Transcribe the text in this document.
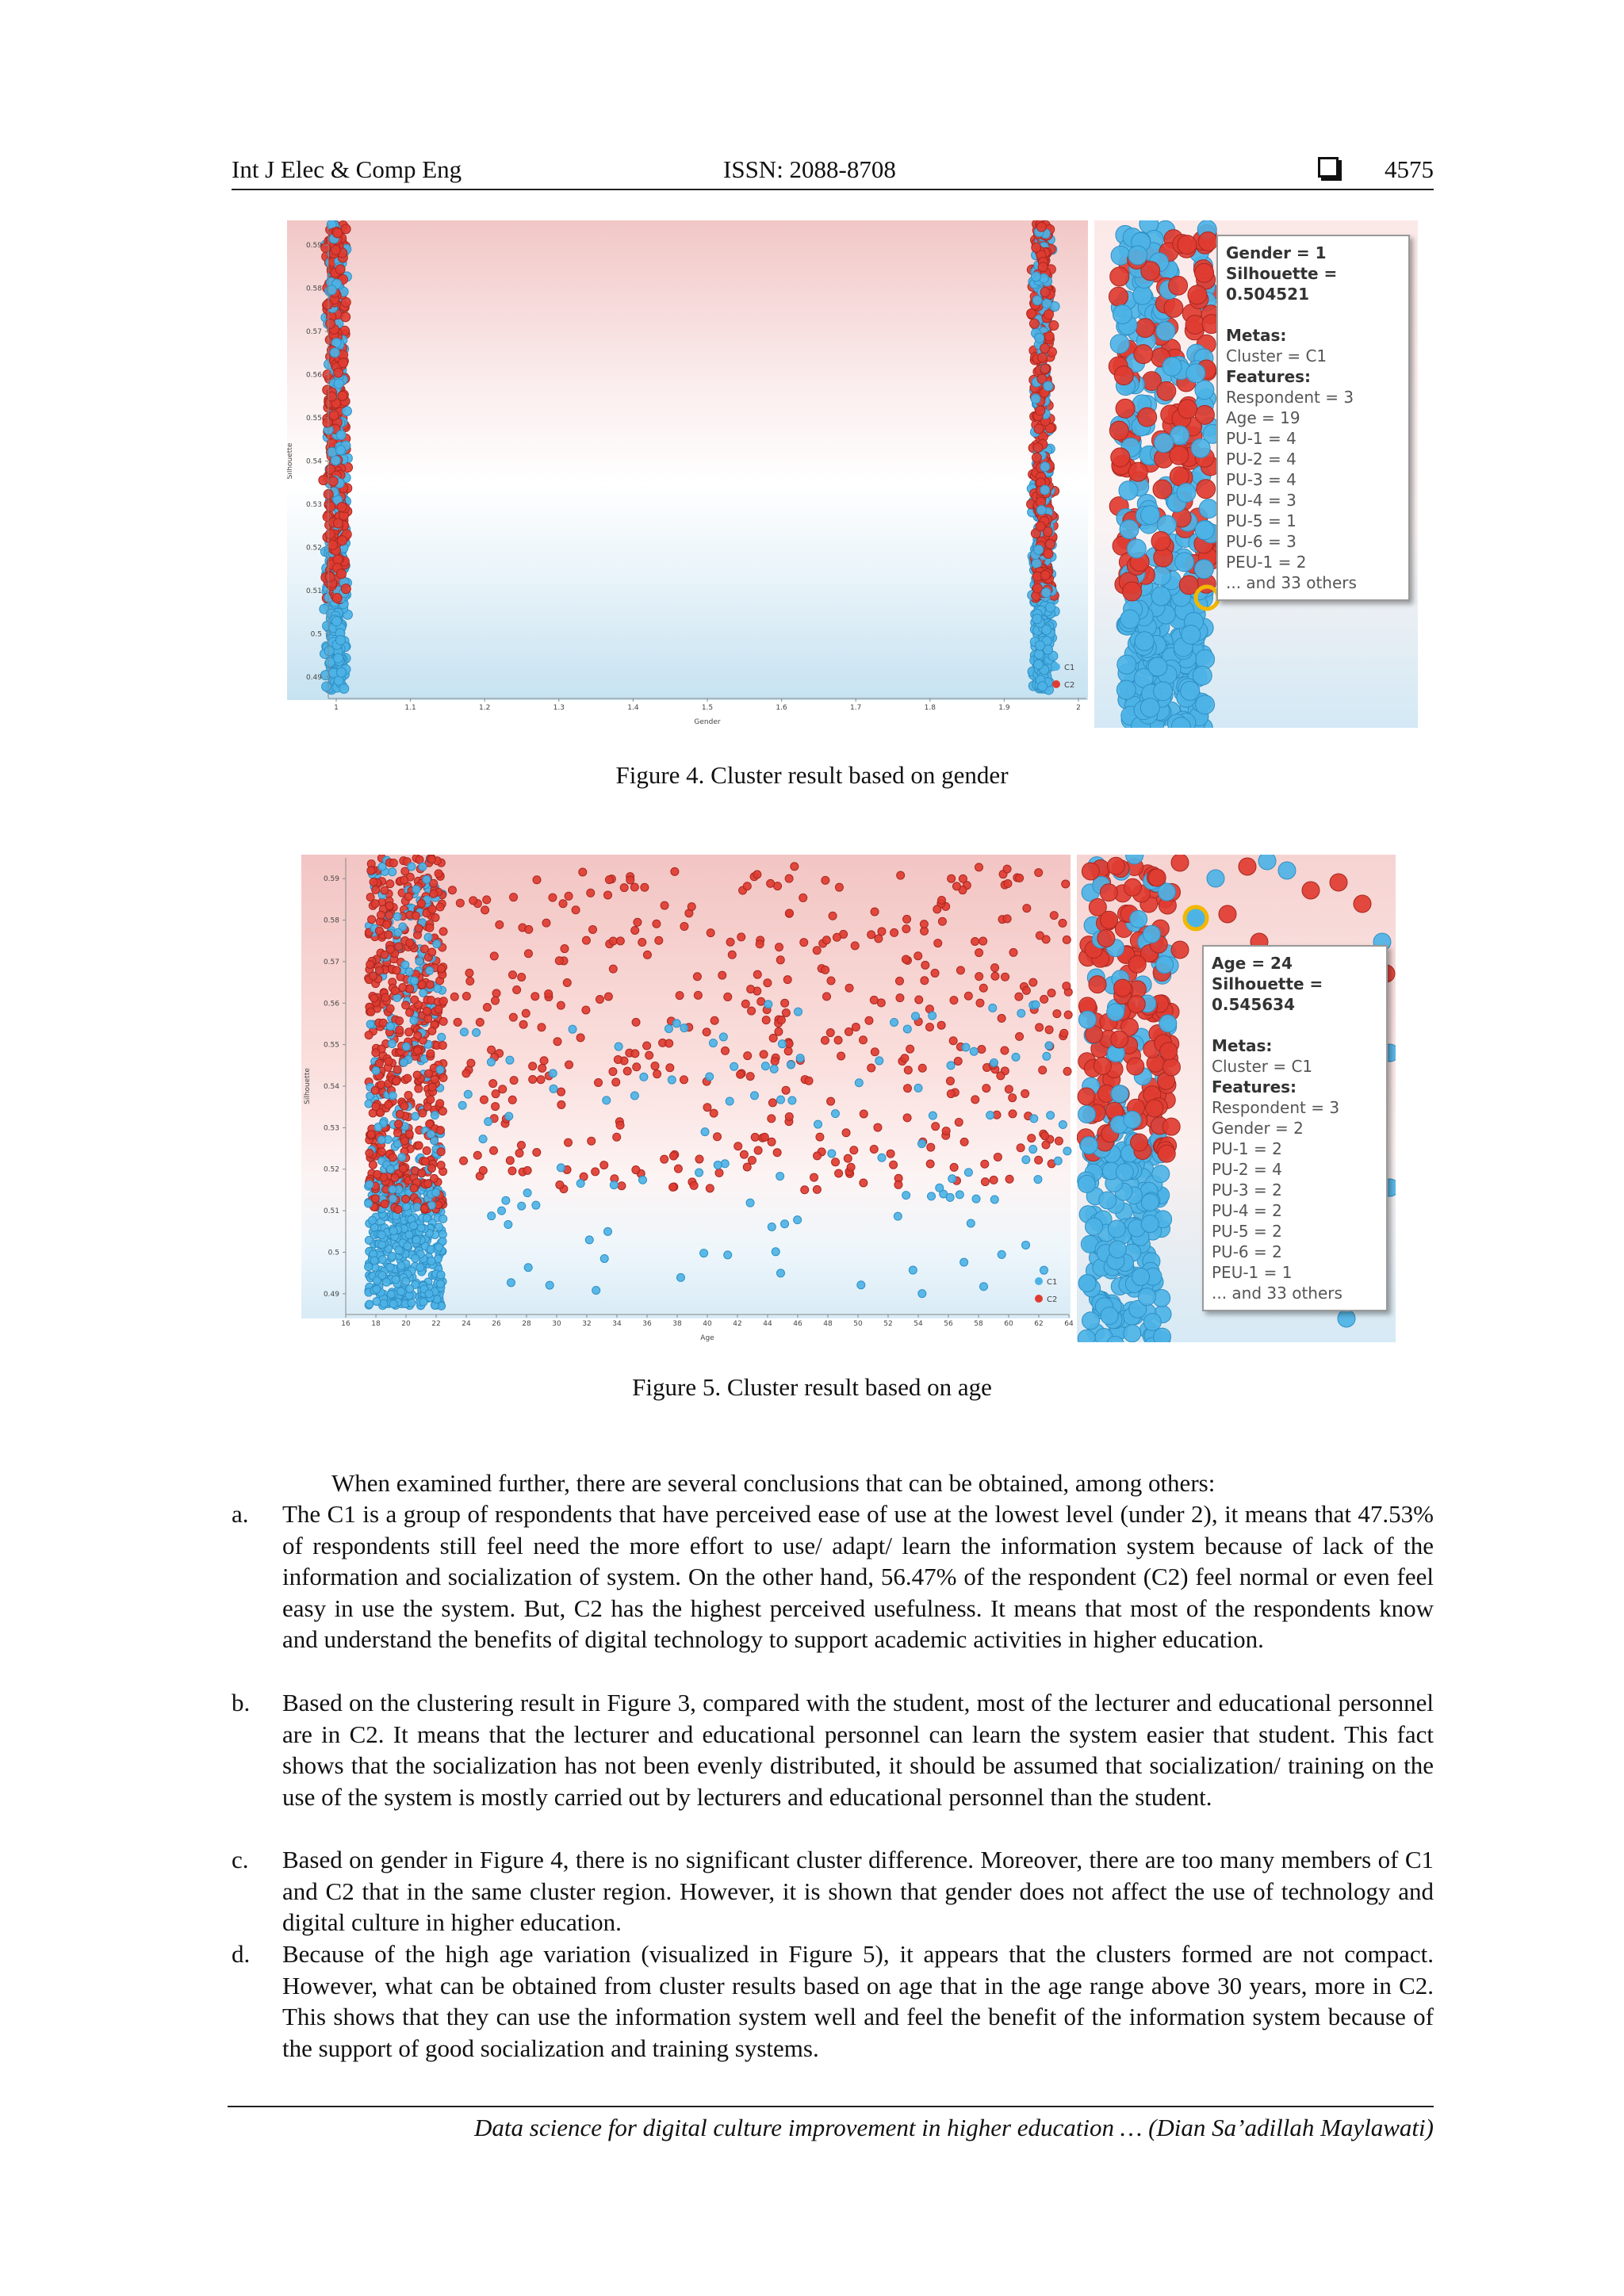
Int J Elec & Comp Eng	ISSN: 2088-8708	4575
0.49
0.5
0.51
0.52
0.53
0.54
0.55
0.56
0.57
0.58
0.59
1	1.1	1.2	1.3	1.4	1.5	1.6	1.7	1.8	1.9	2
Gender
Silhouette
C1
C2
Gender = 1
Silhouette = 0.504521
Metas:
Cluster = C1
Features:
Respondent = 3
Age = 19
PU-1 = 4
PU-2 = 4
PU-3 = 4
PU-4 = 3
PU-5 = 1
PU-6 = 3
PEU-1 = 2
... and 33 others
Figure 4. Cluster result based on gender
0.49
0.5
0.51
0.52
0.53
0.54
0.55
0.56
0.57
0.58
0.59
16	18	20	22	24	26	28	30	32	34	36	38	40	42	44	46	48	50	52	54	56	58	60	62	64
Age
Silhouette
C1
C2
Age = 24
Silhouette = 0.545634
Metas:
Cluster = C1
Features:
Respondent = 3
Gender = 2
PU-1 = 2
PU-2 = 4
PU-3 = 2
PU-4 = 2
PU-5 = 2
PU-6 = 2
PEU-1 = 1
... and 33 others
Figure 5. Cluster result based on age
When examined further, there are several conclusions that can be obtained, among others:
a. The C1 is a group of respondents that have perceived ease of use at the lowest level (under 2), it means that 47.53% of respondents still feel need the more effort to use/ adapt/ learn the information system because of lack of the information and socialization of system. On the other hand, 56.47% of the respondent (C2) feel normal or even feel easy in use the system. But, C2 has the highest perceived usefulness. It means that most of the respondents know and understand the benefits of digital technology to support academic activities in higher education.
b. Based on the clustering result in Figure 3, compared with the student, most of the lecturer and educational personnel are in C2. It means that the lecturer and educational personnel can learn the system easier that student. This fact shows that the socialization has not been evenly distributed, it should be assumed that socialization/ training on the use of the system is mostly carried out by lecturers and educational personnel than the student.
c. Based on gender in Figure 4, there is no significant cluster difference. Moreover, there are too many members of C1 and C2 that in the same cluster region. However, it is shown that gender does not affect the use of technology and digital culture in higher education.
d. Because of the high age variation (visualized in Figure 5), it appears that the clusters formed are not compact. However, what can be obtained from cluster results based on age that in the age range above 30 years, more in C2. This shows that they can use the information system well and feel the benefit of the information system because of the support of good socialization and training systems.
Data science for digital culture improvement in higher education … (Dian Sa’adillah Maylawati)
